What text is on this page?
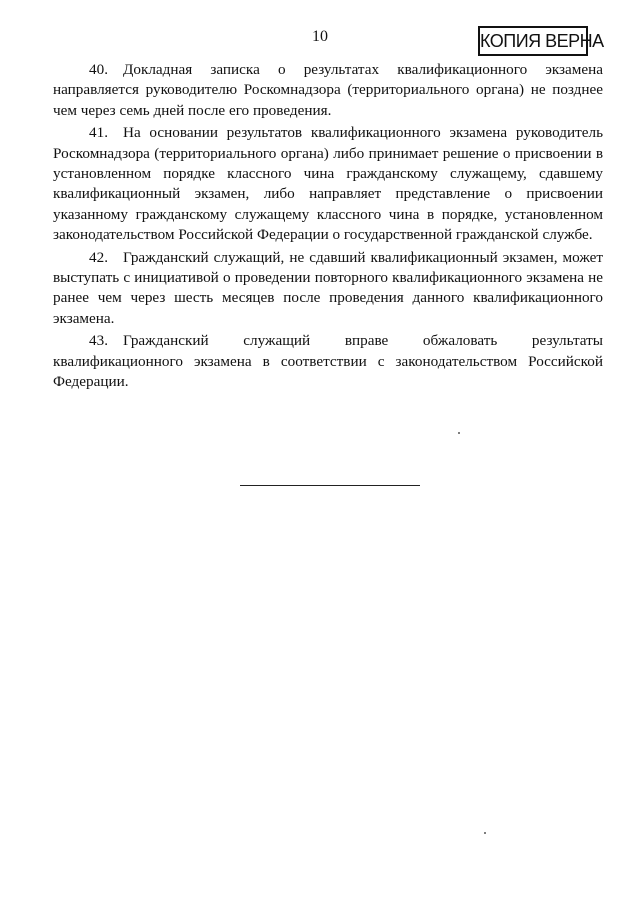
10	КОПИЯ ВЕРНА

40. Докладная записка о результатах квалификационного экзамена направляется руководителю Роскомнадзора (территориального органа) не позднее чем через семь дней после его проведения.

41. На основании результатов квалификационного экзамена руководитель Роскомнадзора (территориального органа) либо принимает решение о присвоении в установленном порядке классного чина гражданскому служащему, сдавшему квалификационный экзамен, либо направляет представление о присвоении указанному гражданскому служащему классного чина в порядке, установленном законодательством Российской Федерации о государственной гражданской службе.

42. Гражданский служащий, не сдавший квалификационный экзамен, может выступать с инициативой о проведении повторного квалификационного экзамена не ранее чем через шесть месяцев после проведения данного квалификационного экзамена.

43. Гражданский служащий вправе обжаловать результаты квалификационного экзамена в соответствии с законодательством Российской Федерации.
